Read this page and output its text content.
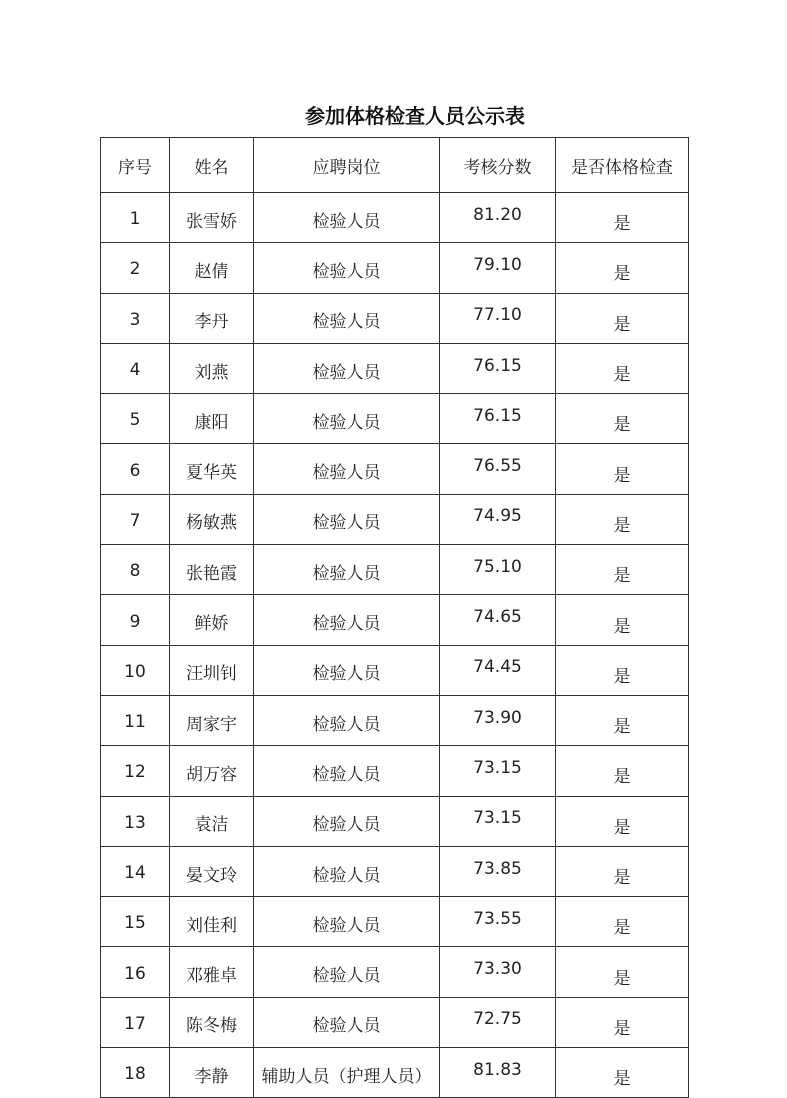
参加体格检查人员公示表
序号	姓名	应聘岗位	考核分数	是否体格检查
1	张雪娇	检验人员	81.20	是
2	赵倩	检验人员	79.10	是
3	李丹	检验人员	77.10	是
4	刘燕	检验人员	76.15	是
5	康阳	检验人员	76.15	是
6	夏华英	检验人员	76.55	是
7	杨敏燕	检验人员	74.95	是
8	张艳霞	检验人员	75.10	是
9	鲜娇	检验人员	74.65	是
10	汪圳钊	检验人员	74.45	是
11	周家宇	检验人员	73.90	是
12	胡万容	检验人员	73.15	是
13	袁洁	检验人员	73.15	是
14	晏文玲	检验人员	73.85	是
15	刘佳利	检验人员	73.55	是
16	邓雅卓	检验人员	73.30	是
17	陈冬梅	检验人员	72.75	是
18	李静	辅助人员（护理人员）	81.83	是
